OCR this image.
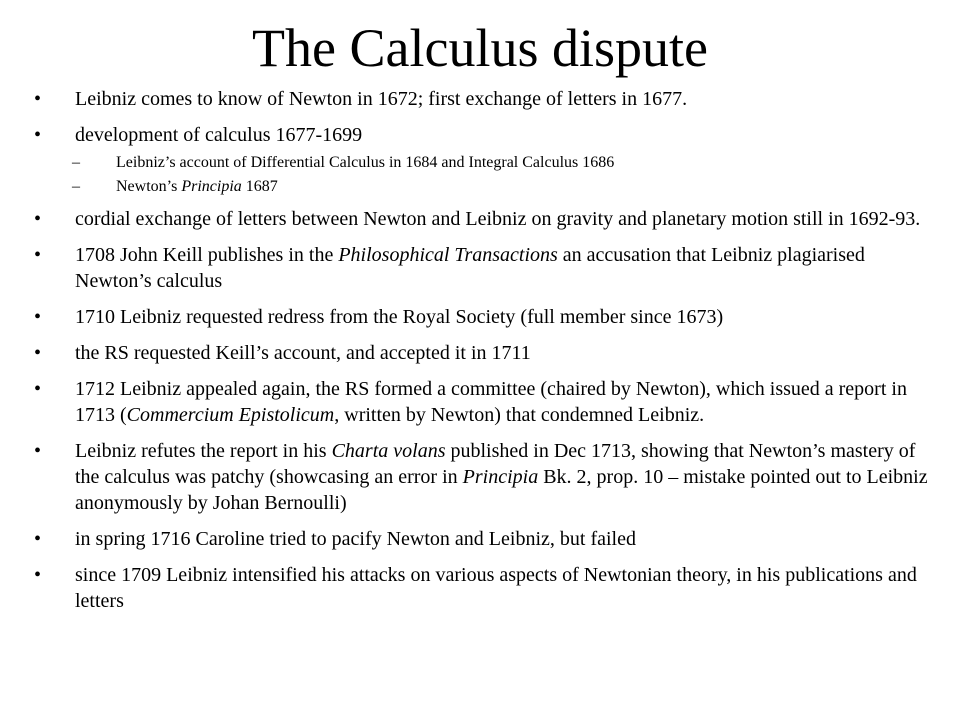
The Calculus dispute
• Leibniz comes to know of Newton in 1672; first exchange of letters in 1677.
• development of calculus 1677-1699
– Leibniz’s account of Differential Calculus in 1684 and Integral Calculus 1686
– Newton’s Principia 1687
• cordial exchange of letters between Newton and Leibniz on gravity and planetary motion still in 1692-93.
• 1708 John Keill publishes in the Philosophical Transactions an accusation that Leibniz plagiarised Newton’s calculus
• 1710 Leibniz requested redress from the Royal Society (full member since 1673)
• the RS requested Keill’s account, and accepted it in 1711
• 1712 Leibniz appealed again, the RS formed a committee (chaired by Newton), which issued a report in 1713 (Commercium Epistolicum, written by Newton) that condemned Leibniz.
• Leibniz refutes the report in his Charta volans published in Dec 1713, showing that Newton’s mastery of the calculus was patchy (showcasing an error in Principia Bk. 2, prop. 10 – mistake pointed out to Leibniz anonymously by Johan Bernoulli)
• in spring 1716 Caroline tried to pacify Newton and Leibniz, but failed
• since 1709 Leibniz intensified his attacks on various aspects of Newtonian theory, in his publications and letters
